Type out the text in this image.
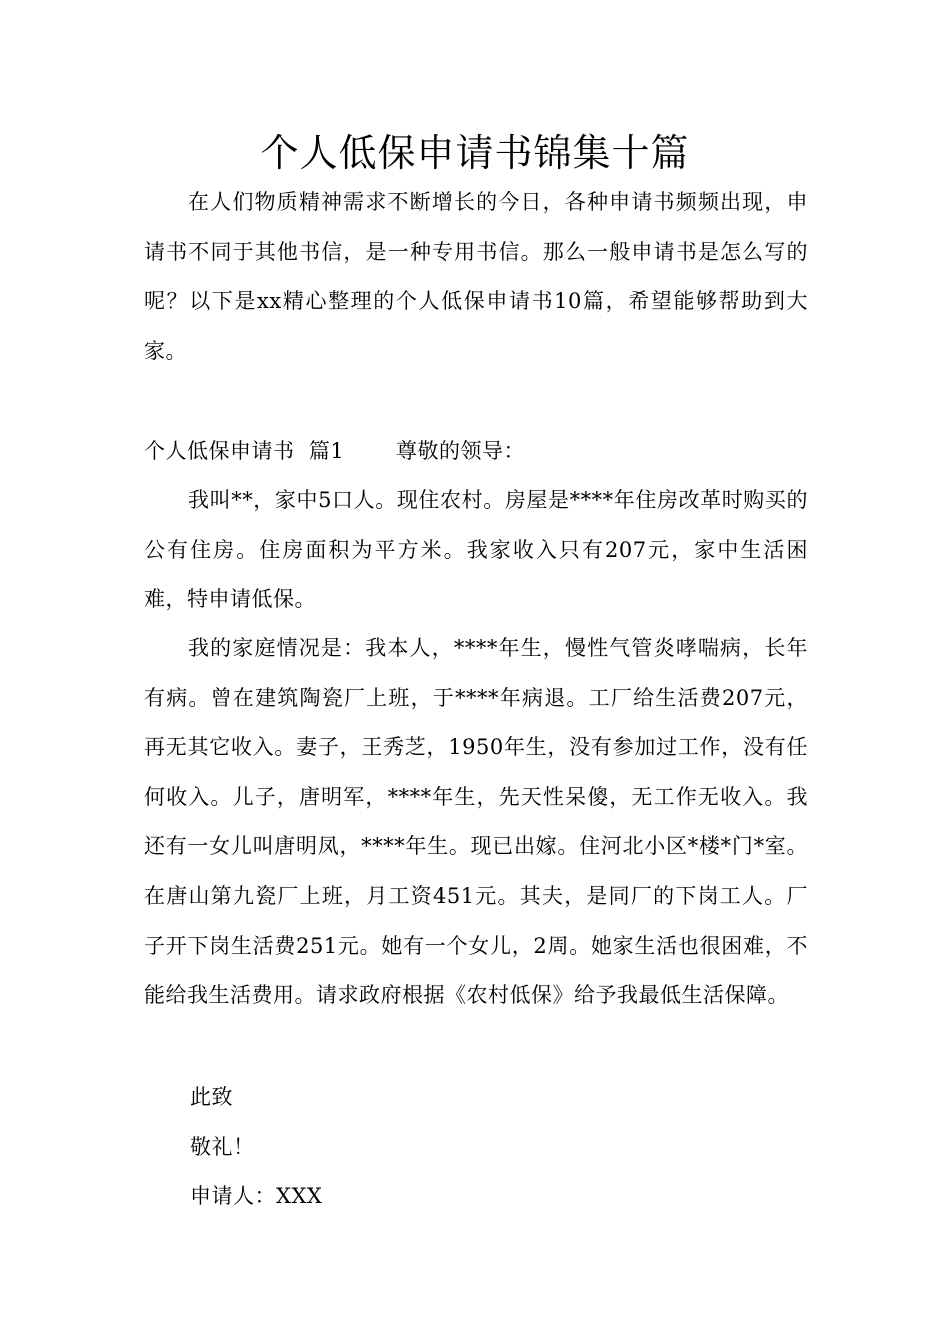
个人低保申请书锦集十篇

在人们物质精神需求不断增长的今日，各种申请书频频出现，申请书不同于其他书信，是一种专用书信。那么一般申请书是怎么写的呢？以下是xx精心整理的个人低保申请书10篇，希望能够帮助到大家。

个人低保申请书  篇1 尊敬的领导：

我叫**，家中5口人。现住农村。房屋是****年住房改革时购买的公有住房。住房面积为平方米。我家收入只有207元，家中生活困难，特申请低保。

我的家庭情况是：我本人，****年生，慢性气管炎哮喘病，长年有病。曾在建筑陶瓷厂上班，于****年病退。工厂给生活费207元，再无其它收入。妻子，王秀芝，1950年生，没有参加过工作，没有任何收入。儿子，唐明军，****年生，先天性呆傻，无工作无收入。我还有一女儿叫唐明凤，****年生。现已出嫁。住河北小区*楼*门*室。在唐山第九瓷厂上班，月工资451元。其夫，是同厂的下岗工人。厂子开下岗生活费251元。她有一个女儿，2周。她家生活也很困难，不能给我生活费用。请求政府根据《农村低保》给予我最低生活保障。

此致
敬礼！
申请人：XXX
